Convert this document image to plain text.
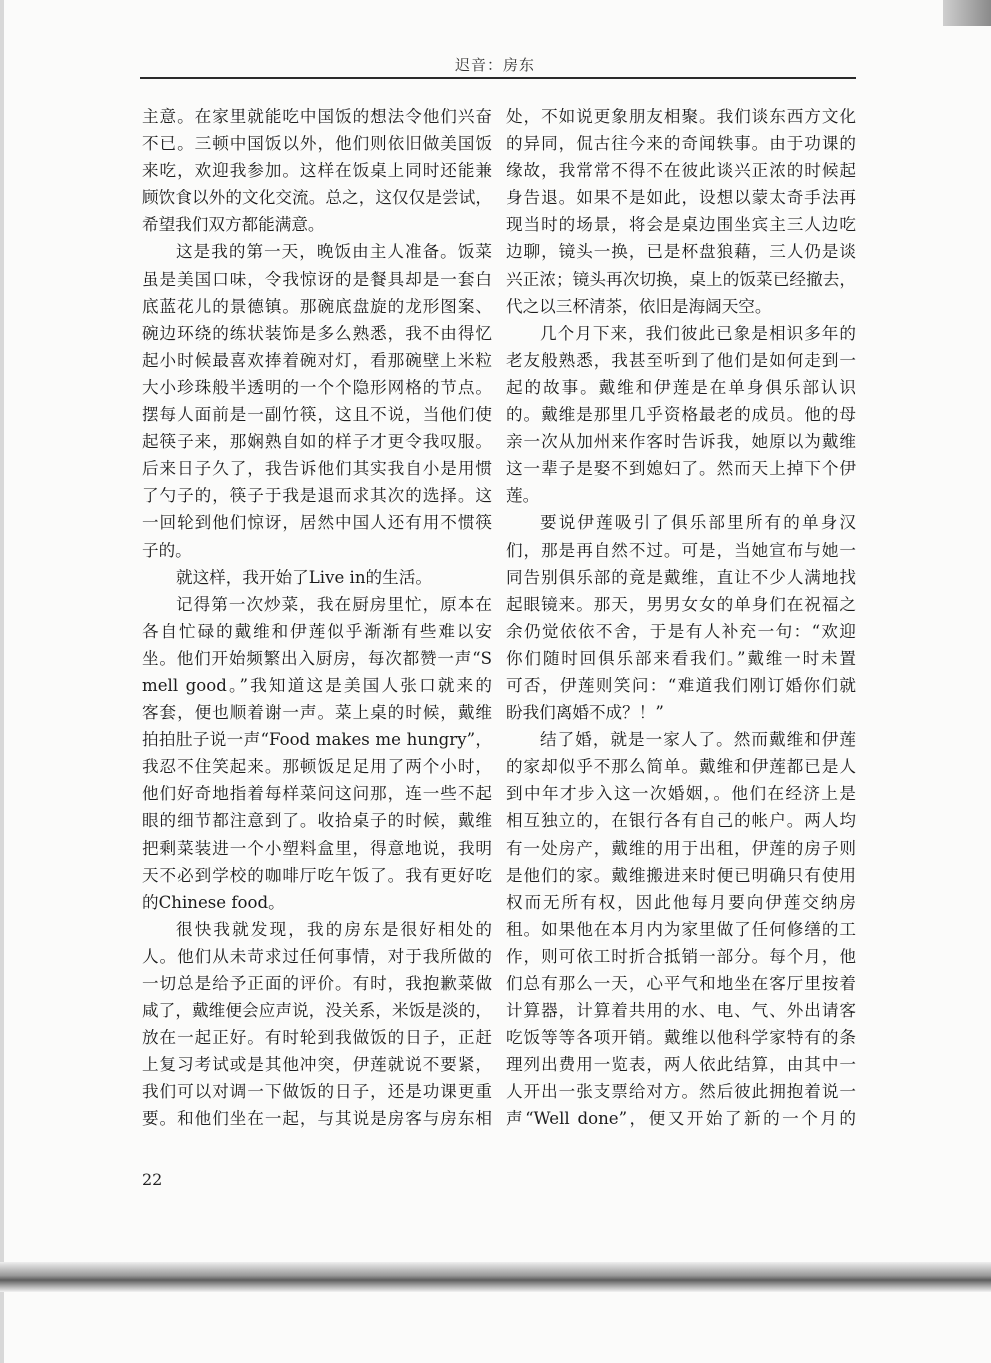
迟音：房东
主意。在家里就能吃中国饭的想法令他们兴奋
不已。三顿中国饭以外，他们则依旧做美国饭
来吃，欢迎我参加。这样在饭桌上同时还能兼
顾饮食以外的文化交流。总之，这仅仅是尝试，
希望我们双方都能满意。
这是我的第一天，晚饭由主人准备。饭菜
虽是美国口味，令我惊讶的是餐具却是一套白
底蓝花儿的景德镇。那碗底盘旋的龙形图案、
碗边环绕的练状装饰是多么熟悉，我不由得忆
起小时候最喜欢捧着碗对灯，看那碗壁上米粒
大小珍珠般半透明的一个个隐形网格的节点。
摆每人面前是一副竹筷，这且不说，当他们使
起筷子来，那娴熟自如的样子才更令我叹服。
后来日子久了，我告诉他们其实我自小是用惯
了勺子的，筷子于我是退而求其次的选择。这
一回轮到他们惊讶，居然中国人还有用不惯筷
子的。
就这样，我开始了Live in的生活。
记得第一次炒菜，我在厨房里忙，原本在
各自忙碌的戴维和伊莲似乎渐渐有些难以安
坐。他们开始频繁出入厨房，每次都赞一声“S
mell good。”我知道这是美国人张口就来的
客套，便也顺着谢一声。菜上桌的时候，戴维
拍拍肚子说一声“Food makes me hungry”，
我忍不住笑起来。那顿饭足足用了两个小时，
他们好奇地指着每样菜问这问那，连一些不起
眼的细节都注意到了。收拾桌子的时候，戴维
把剩菜装进一个小塑料盒里，得意地说，我明
天不必到学校的咖啡厅吃午饭了。我有更好吃
的Chinese food。
很快我就发现，我的房东是很好相处的
人。他们从未苛求过任何事情，对于我所做的
一切总是给予正面的评价。有时，我抱歉菜做
咸了，戴维便会应声说，没关系，米饭是淡的，
放在一起正好。有时轮到我做饭的日子，正赶
上复习考试或是其他冲突，伊莲就说不要紧，
我们可以对调一下做饭的日子，还是功课更重
要。和他们坐在一起，与其说是房客与房东相
处，不如说更象朋友相聚。我们谈东西方文化
的异同，侃古往今来的奇闻轶事。由于功课的
缘故，我常常不得不在彼此谈兴正浓的时候起
身告退。如果不是如此，设想以蒙太奇手法再
现当时的场景，将会是桌边围坐宾主三人边吃
边聊，镜头一换，已是杯盘狼藉，三人仍是谈
兴正浓；镜头再次切换，桌上的饭菜已经撤去，
代之以三杯清茶，依旧是海阔天空。
几个月下来，我们彼此已象是相识多年的
老友般熟悉，我甚至听到了他们是如何走到一
起的故事。戴维和伊莲是在单身俱乐部认识
的。戴维是那里几乎资格最老的成员。他的母
亲一次从加州来作客时告诉我，她原以为戴维
这一辈子是娶不到媳妇了。然而天上掉下个伊
莲。
要说伊莲吸引了俱乐部里所有的单身汉
们，那是再自然不过。可是，当她宣布与她一
同告别俱乐部的竟是戴维，直让不少人满地找
起眼镜来。那天，男男女女的单身们在祝福之
余仍觉依依不舍，于是有人补充一句：“欢迎
你们随时回俱乐部来看我们。”戴维一时未置
可否，伊莲则笑问：“难道我们刚订婚你们就
盼我们离婚不成？！”
结了婚，就是一家人了。然而戴维和伊莲
的家却似乎不那么简单。戴维和伊莲都已是人
到中年才步入这一次婚姻，。他们在经济上是
相互独立的，在银行各有自己的帐户。两人均
有一处房产，戴维的用于出租，伊莲的房子则
是他们的家。戴维搬进来时便已明确只有使用
权而无所有权，因此他每月要向伊莲交纳房
租。如果他在本月内为家里做了任何修缮的工
作，则可依工时折合抵销一部分。每个月，他
们总有那么一天，心平气和地坐在客厅里按着
计算器，计算着共用的水、电、气、外出请客
吃饭等等各项开销。戴维以他科学家特有的条
理列出费用一览表，两人依此结算，由其中一
人开出一张支票给对方。然后彼此拥抱着说一
声“Well done”，便又开始了新的一个月的
22
